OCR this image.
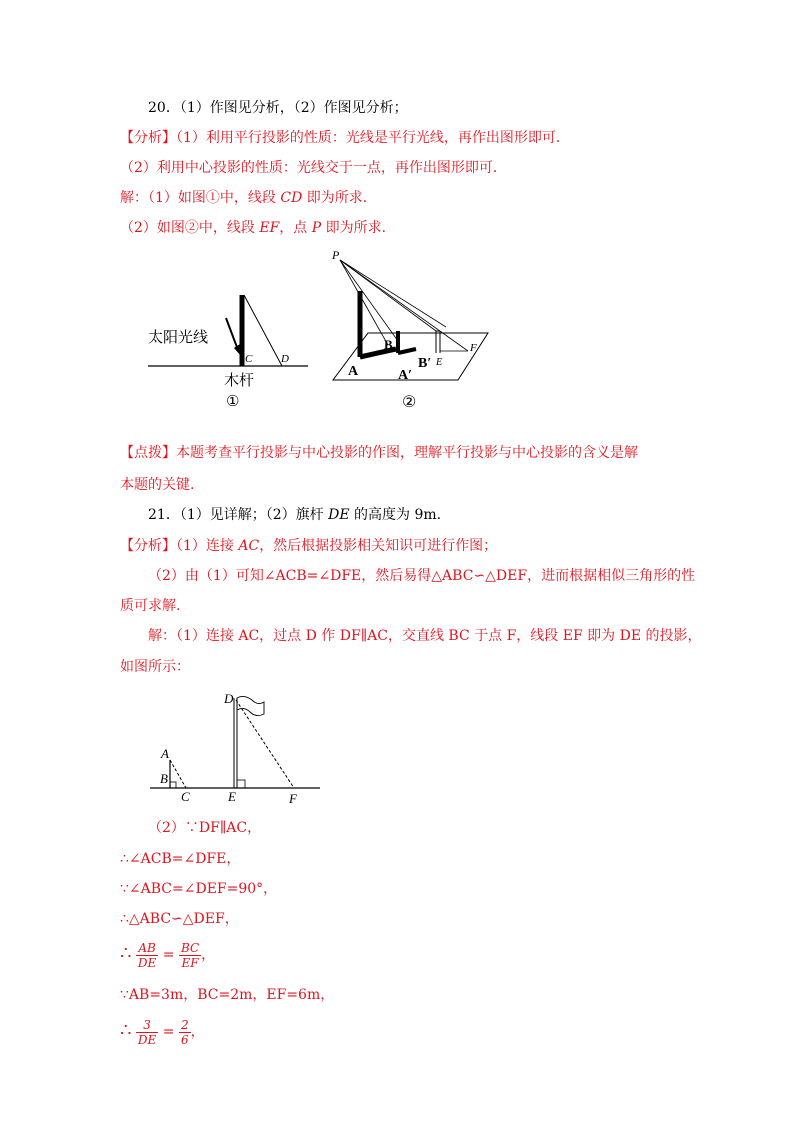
20．（1）作图见分析，（2）作图见分析；
【分析】（1）利用平行投影的性质：光线是平行光线，再作出图形即可．
（2）利用中心投影的性质：光线交于一点，再作出图形即可．
解：（1）如图①中，线段 CD 即为所求．
（2）如图②中，线段 EF，点 P 即为所求．
太阳光线
C	D
木杆
①
P
A	A′
B
B′ E
F
②
【点拨】本题考查平行投影与中心投影的作图，理解平行投影与中心投影的含义是解
本题的关键.
21．（1）见详解；（2）旗杆 DE 的高度为 9m.
【分析】（1）连接 AC，然后根据投影相关知识可进行作图；
（2）由（1）可知∠ACB=∠DFE，然后易得△ABC∽△DEF，进而根据相似三角形的性
质可求解.
解：（1）连接 AC，过点 D 作 DF∥AC，交直线 BC 于点 F，线段 EF 即为 DE 的投影，
如图所示：
A
B
C
D
E	F
（2）∵DF∥AC，
∴∠ACB=∠DFE，
∵∠ABC=∠DEF=90°，
∴△ABC∽△DEF，
∴ $\frac{AB}{DE} = \frac{BC}{EF}$ ，
∵AB=3m，BC=2m，EF=6m，
∴ $\frac{3}{DE} = \frac{2}{6}$ ，
